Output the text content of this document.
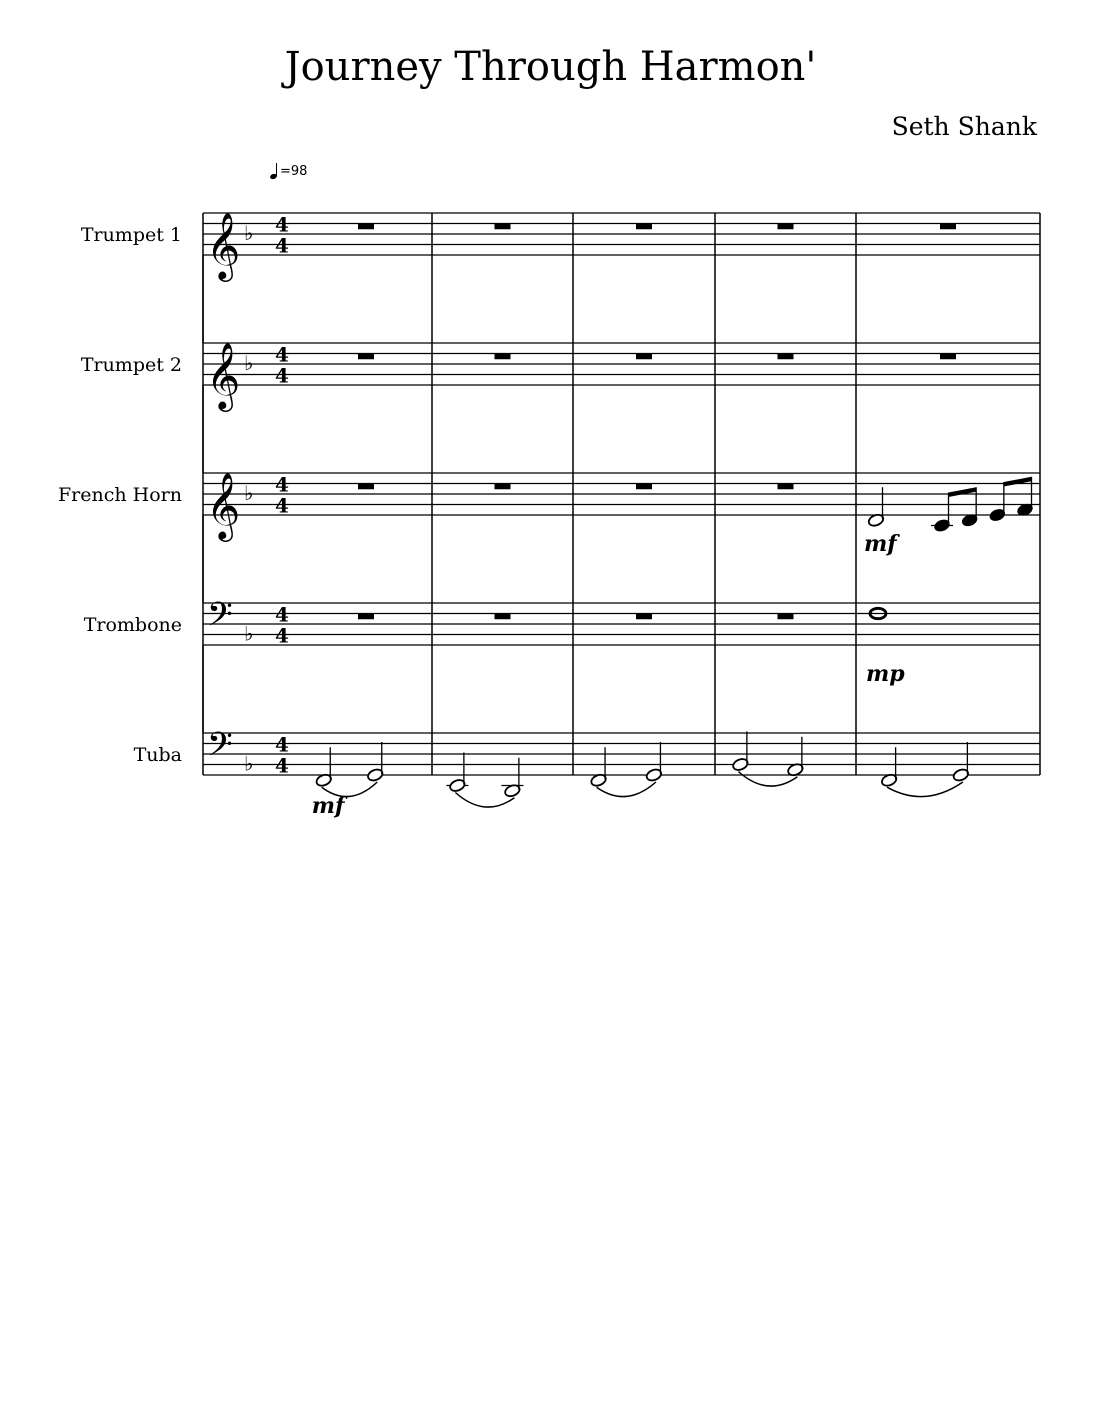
Journey Through Harmon'
Seth Shank
=98
Trumpet 1 𝄞 ♭ 4
4
Trumpet 2 𝄞 ♭ 4
4
French Horn 𝄞 ♭ 4
4
mf
Trombone 𝄢 ♭
4
4
mp
Tuba 𝄢 ♭
4
4
mf
